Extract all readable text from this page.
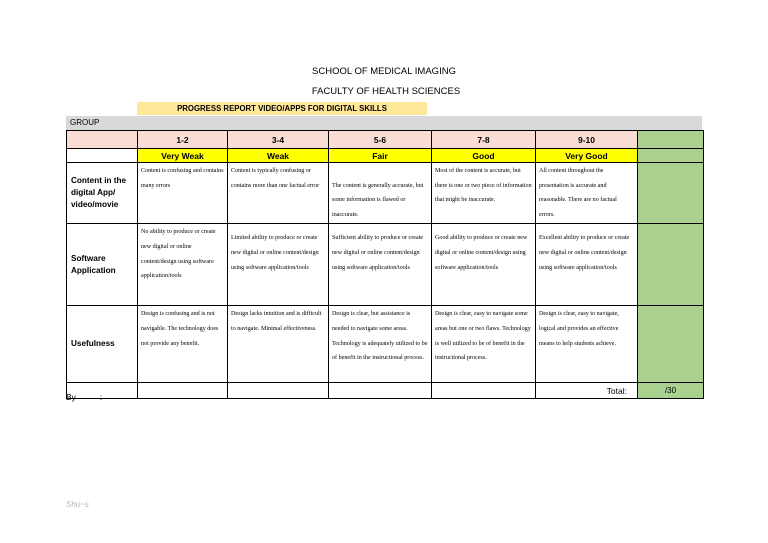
SCHOOL OF MEDICAL IMAGING
FACULTY OF HEALTH SCIENCES
PROGRESS REPORT VIDEO/APPS FOR DIGITAL SKILLS
GROUP
	1-2	3-4	5-6	7-8	9-10	
	Very Weak	Weak	Fair	Good	Very Good	
Content in the digital App/ video/movie	Content is confusing and contains many errors	Content is typically confusing or contains more than one factual error	The content is generally accurate, but some information is flawed or inaccurate.	Most of the content is accurate, but there is one or two piece of information that might be inaccurate.	All content throughout the presentation is accurate and reasonable. There are no factual errors.	
Software Application	No ability to produce or create new digital or online content/design using software application/tools	Limited ability to produce or create new digital or online content/design using software application/tools	Sufficient ability to produce or create new digital or online content/design using software application/tools	Good ability to produce or create new digital or online content/design using software application/tools	Excellent ability to produce or create new digital or online content/design using software application/tools	
Usefulness	Design is confusing and is not navigable. The technology does not provide any benefit.	Design lacks intuition and is difficult to navigate. Minimal effectiveness.	Design is clear, but assistance is needed to navigate some areas. Technology is adequately utilized to be of benefit in the instructional process.	Design is clear, easy to navigate some areas but one or two flaws. Technology is well utilized to be of benefit in the instructional process.	Design is clear, easy to navigate, logical and provides an effective means to help students achieve.	
					Total:	/30
By	:
Shu~s
